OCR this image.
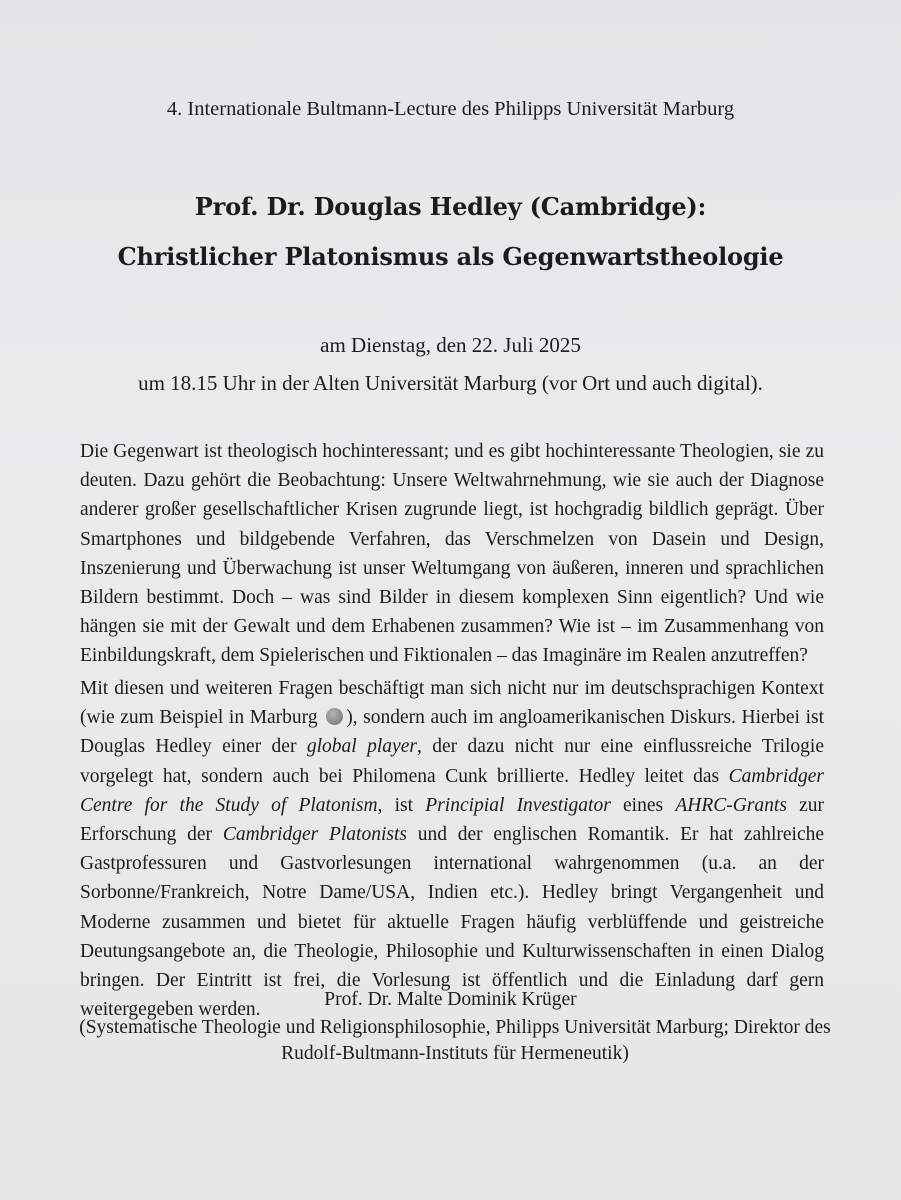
4. Internationale Bultmann-Lecture des Philipps Universität Marburg
Prof. Dr. Douglas Hedley (Cambridge):
Christlicher Platonismus als Gegenwartstheologie
am Dienstag, den 22. Juli 2025
um 18.15 Uhr in der Alten Universität Marburg (vor Ort und auch digital).
Die Gegenwart ist theologisch hochinteressant; und es gibt hochinteressante Theologien, sie zu deuten. Dazu gehört die Beobachtung: Unsere Weltwahrnehmung, wie sie auch der Diagnose anderer großer gesellschaftlicher Krisen zugrunde liegt, ist hochgradig bildlich geprägt. Über Smartphones und bildgebende Verfahren, das Verschmelzen von Dasein und Design, Inszenierung und Überwachung ist unser Weltumgang von äußeren, inneren und sprachlichen Bildern bestimmt. Doch – was sind Bilder in diesem komplexen Sinn eigentlich? Und wie hängen sie mit der Gewalt und dem Erhabenen zusammen? Wie ist – im Zusammenhang von Einbildungskraft, dem Spielerischen und Fiktionalen – das Imaginäre im Realen anzutreffen?
Mit diesen und weiteren Fragen beschäftigt man sich nicht nur im deutschsprachigen Kontext (wie zum Beispiel in Marburg ), sondern auch im angloamerikanischen Diskurs. Hierbei ist Douglas Hedley einer der global player, der dazu nicht nur eine einflussreiche Trilogie vorgelegt hat, sondern auch bei Philomena Cunk brillierte. Hedley leitet das Cambridger Centre for the Study of Platonism, ist Principial Investigator eines AHRC-Grants zur Erforschung der Cambridger Platonists und der englischen Romantik. Er hat zahlreiche Gastprofessuren und Gastvorlesungen international wahrgenommen (u.a. an der Sorbonne/Frankreich, Notre Dame/USA, Indien etc.). Hedley bringt Vergangenheit und Moderne zusammen und bietet für aktuelle Fragen häufig verblüffende und geistreiche Deutungsangebote an, die Theologie, Philosophie und Kulturwissenschaften in einen Dialog bringen. Der Eintritt ist frei, die Vorlesung ist öffentlich und die Einladung darf gern weitergegeben werden.	Prof. Dr. Malte Dominik Krüger
(Systematische Theologie und Religionsphilosophie, Philipps Universität Marburg; Direktor des Rudolf-Bultmann-Instituts für Hermeneutik)
